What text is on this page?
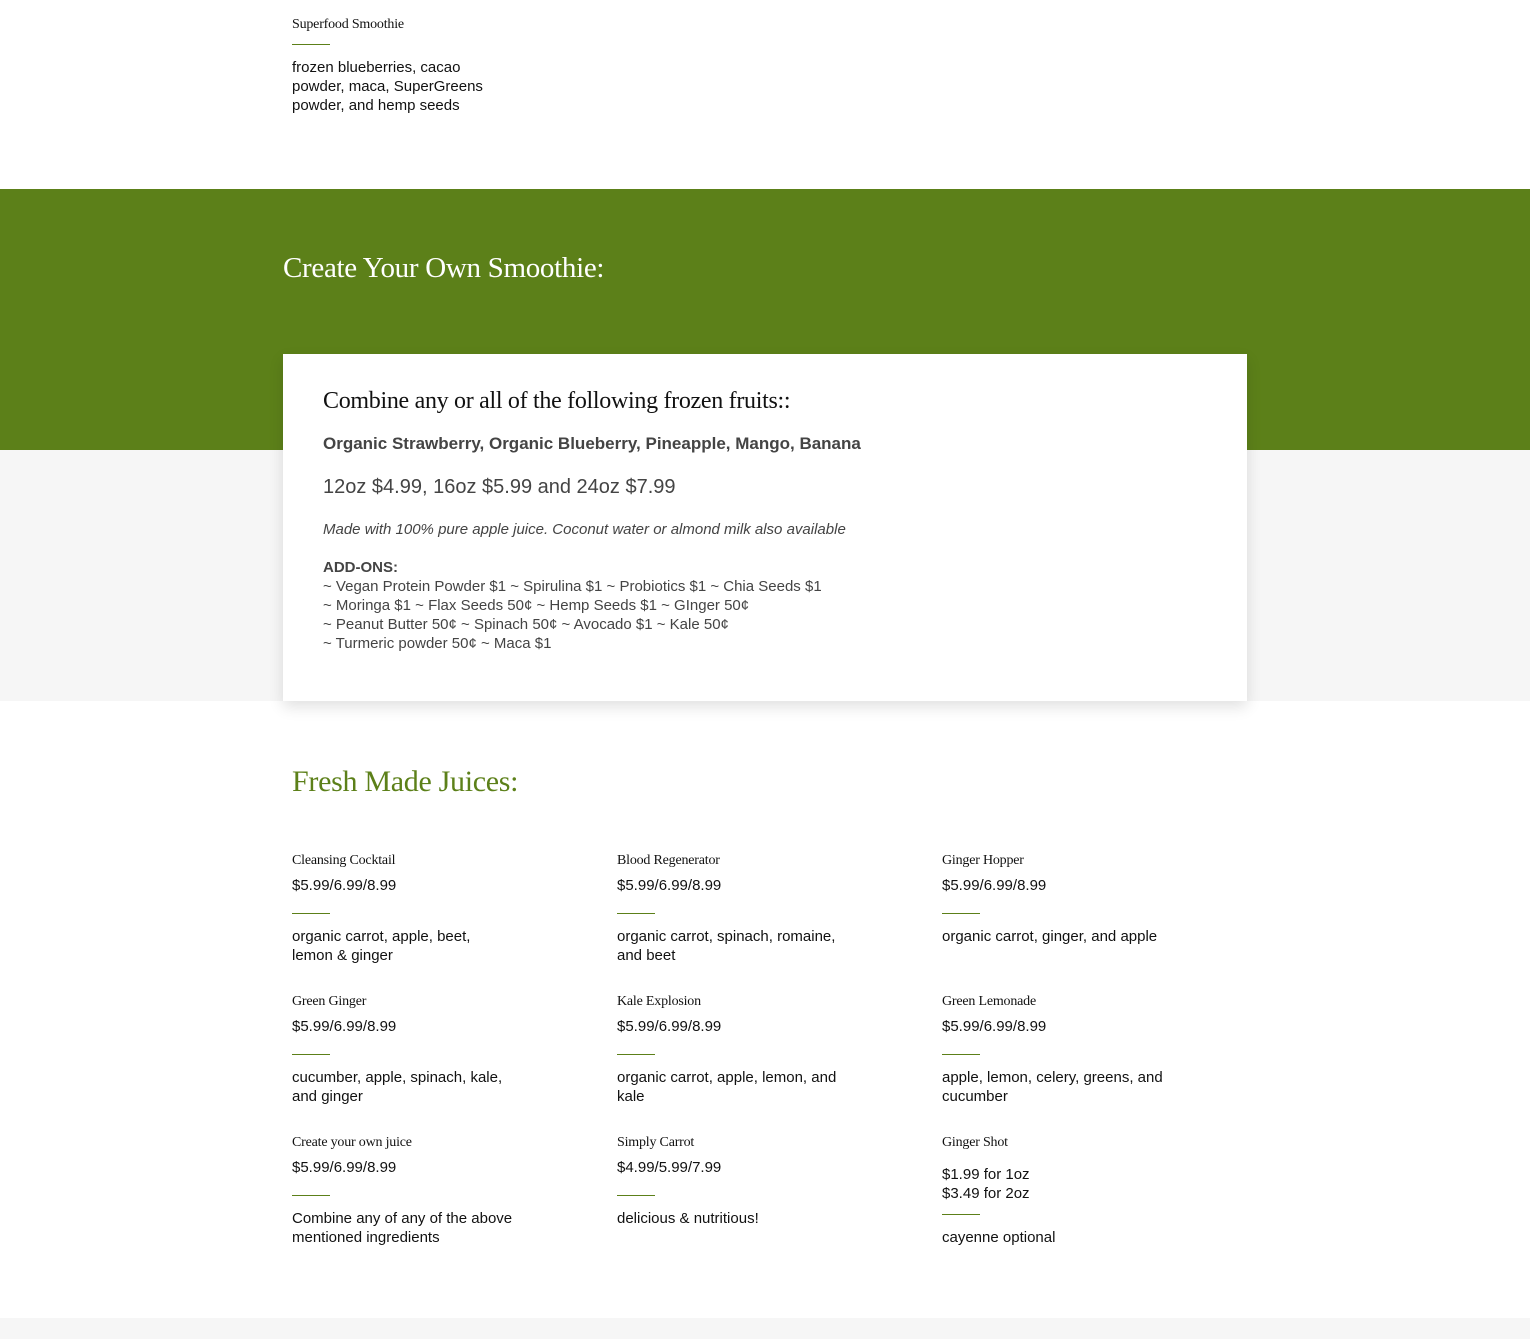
Superfood Smoothie
frozen blueberries, cacao
powder, maca, SuperGreens
powder, and hemp seeds
Create Your Own Smoothie:
Combine any or all of the following frozen fruits::
Organic Strawberry, Organic Blueberry, Pineapple, Mango, Banana
12oz $4.99, 16oz $5.99 and 24oz $7.99
Made with 100% pure apple juice. Coconut water or almond milk also available
ADD-ONS:
~ Vegan Protein Powder $1 ~ Spirulina $1 ~ Probiotics $1 ~ Chia Seeds $1
~ Moringa $1 ~ Flax Seeds 50¢ ~ Hemp Seeds $1 ~ GInger 50¢
~ Peanut Butter 50¢ ~ Spinach 50¢ ~ Avocado $1 ~ Kale 50¢
~ Turmeric powder 50¢ ~ Maca $1
Fresh Made Juices:
Cleansing Cocktail
$5.99/6.99/8.99
organic carrot, apple, beet,
lemon & ginger
Blood Regenerator
$5.99/6.99/8.99
organic carrot, spinach, romaine,
and beet
Ginger Hopper
$5.99/6.99/8.99
organic carrot, ginger, and apple
Green Ginger
$5.99/6.99/8.99
cucumber, apple, spinach, kale,
and ginger
Kale Explosion
$5.99/6.99/8.99
organic carrot, apple, lemon, and
kale
Green Lemonade
$5.99/6.99/8.99
apple, lemon, celery, greens, and
cucumber
Create your own juice
$5.99/6.99/8.99
Combine any of any of the above
mentioned ingredients
Simply Carrot
$4.99/5.99/7.99
delicious & nutritious!
Ginger Shot
$1.99 for 1oz
$3.49 for 2oz
cayenne optional
